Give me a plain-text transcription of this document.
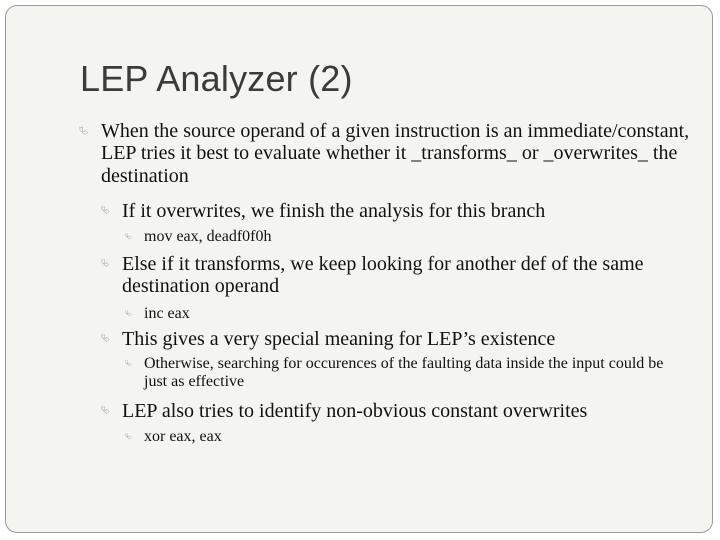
LEP Analyzer (2)
⮱ When the source operand of a given instruction is an immediate/constant, LEP tries it best to evaluate whether it _transforms_ or _overwrites_ the destination
⮱ If it overwrites, we finish the analysis for this branch
⮱ mov eax, deadf0f0h
⮱ Else if it transforms, we keep looking for another def of the same destination operand
⮱ inc eax
⮱ This gives a very special meaning for LEP’s existence
⮱ Otherwise, searching for occurences of the faulting data inside the input could be just as effective
⮱ LEP also tries to identify non-obvious constant overwrites
⮱ xor eax, eax
